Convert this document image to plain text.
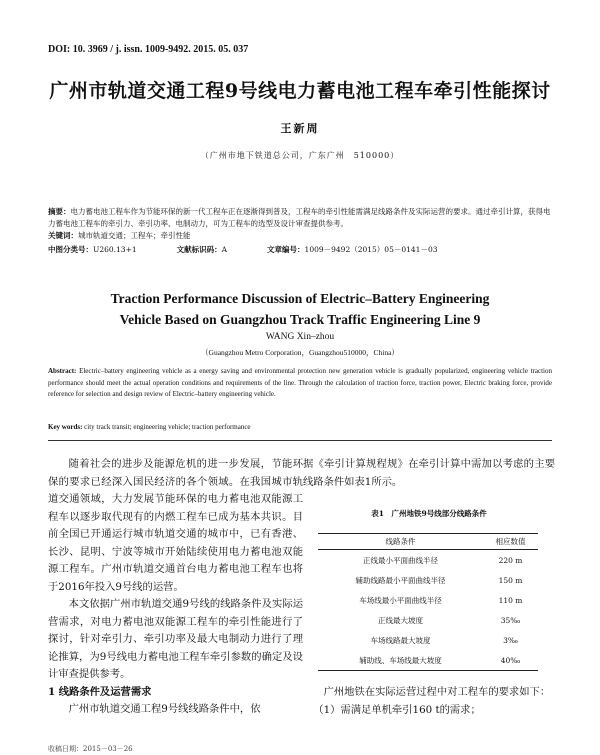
DOI: 10. 3969 / j. issn. 1009-9492. 2015. 05. 037
广州市轨道交通工程9号线电力蓄电池工程车牵引性能探讨
王新周
（广州市地下铁道总公司，广东广州　510000）
摘要：电力蓄电池工程车作为节能环保的新一代工程车正在逐渐得到普及，工程车的牵引性能需满足线路条件及实际运营的要求。通过牵引计算，获得电力蓄电池工程车的牵引力、牵引功率、电制动力，可为工程车的选型及设计审查提供参考。
关键词：城市轨道交通；工程车；牵引性能
中图分类号：U260.13+1	文献标识码：A	文章编号：1009－9492（2015）05－0141－03
Traction Performance Discussion of Electric–Battery Engineering
Vehicle Based on Guangzhou Track Traffic Engineering Line 9
WANG Xin–zhou
（Guangzhou Metro Corporation，Guangzhou510000，China）
Abstract: Electric–battery engineering vehicle as a energy saving and environmental protection new generation vehicle is gradually popularized, engineering vehicle traction performance should meet the actual operation conditions and requirements of the line. Through the calculation of traction force, traction power, Electric braking force, provide reference for selection and design review of Electric–battery engineering vehicle.
Key words: city track transit; engineering vehicle; traction performance

随着社会的进步及能源危机的进一步发展，节能环保的要求已经深入国民经济的各个领域。在我国城市轨道交通领域，大力发展节能环保的电力蓄电池双能源工程车以逐步取代现有的内燃工程车已成为基本共识。目前全国已开通运行城市轨道交通的城市中，已有香港、长沙、昆明、宁波等城市开始陆续使用电力蓄电池双能源工程车。广州市轨道交通首台电力蓄电池工程车也将于2016年投入9号线的运营。

本文依据广州市轨道交通9号线的线路条件及实际运营需求，对电力蓄电池双能源工程车的牵引性能进行了探讨，针对牵引力、牵引功率及最大电制动力进行了理论推算，为9号线电力蓄电池工程车牵引参数的确定及设计审查提供参考。

1 线路条件及运营需求

广州市轨道交通工程9号线线路条件中，依

据《牵引计算规程规》在牵引计算中需加以考虑的主要线路条件如表1所示。

表1　广州地铁9号线部分线路条件
线路条件	相应数值
正线最小平面曲线半径	220 m
辅助线路最小平面曲线半径	150 m
车场线最小平面曲线半径	110 m
正线最大坡度	35‰
车场线路最大坡度	3‰
辅助线、车场线最大坡度	40‰

广州地铁在实际运营过程中对工程车的要求如下：

（1）需满足单机牵引160 t的需求；

收稿日期：2015－03－26
